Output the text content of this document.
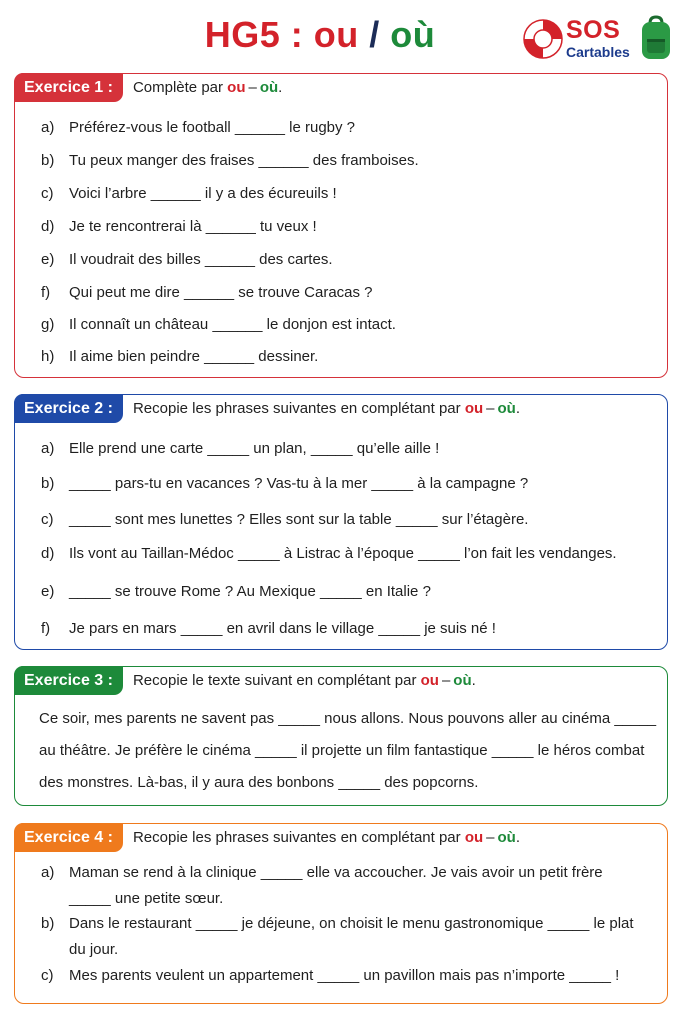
HG5 : ou / où	SOS
Cartables
Exercice 1 :	Complète par ou – où.
a) Préférez-vous le football ______ le rugby ?
b) Tu peux manger des fraises ______ des framboises.
c) Voici l’arbre ______ il y a des écureuils !
d) Je te rencontrerai là ______ tu veux !
e) Il voudrait des billes ______ des cartes.
f) Qui peut me dire ______ se trouve Caracas ?
g) Il connaît un château ______ le donjon est intact.
h) Il aime bien peindre ______ dessiner.
Exercice 2 :	Recopie les phrases suivantes en complétant par ou – où.
a) Elle prend une carte _____ un plan, _____ qu’elle aille !
b) _____ pars-tu en vacances ? Vas-tu à la mer _____ à la campagne ?
c) _____ sont mes lunettes ? Elles sont sur la table _____ sur l’étagère.
d) Ils vont au Taillan-Médoc _____ à Listrac à l’époque _____ l’on fait les vendanges.
e) _____ se trouve Rome ? Au Mexique _____ en Italie ?
f) Je pars en mars _____ en avril dans le village _____ je suis né !
Exercice 3 :	Recopie le texte suivant en complétant par ou – où.
Ce soir, mes parents ne savent pas _____ nous allons. Nous pouvons aller au cinéma _____
au théâtre. Je préfère le cinéma _____ il projette un film fantastique _____ le héros combat
des monstres. Là-bas, il y aura des bonbons _____ des popcorns.
Exercice 4 :	Recopie les phrases suivantes en complétant par ou – où.
a) Maman se rend à la clinique _____ elle va accoucher. Je vais avoir un petit frère _____ une petite sœur.
b) Dans le restaurant _____ je déjeune, on choisit le menu gastronomique _____ le plat du jour.
c)	Mes parents veulent un appartement _____ un pavillon mais pas n’importe _____ !
